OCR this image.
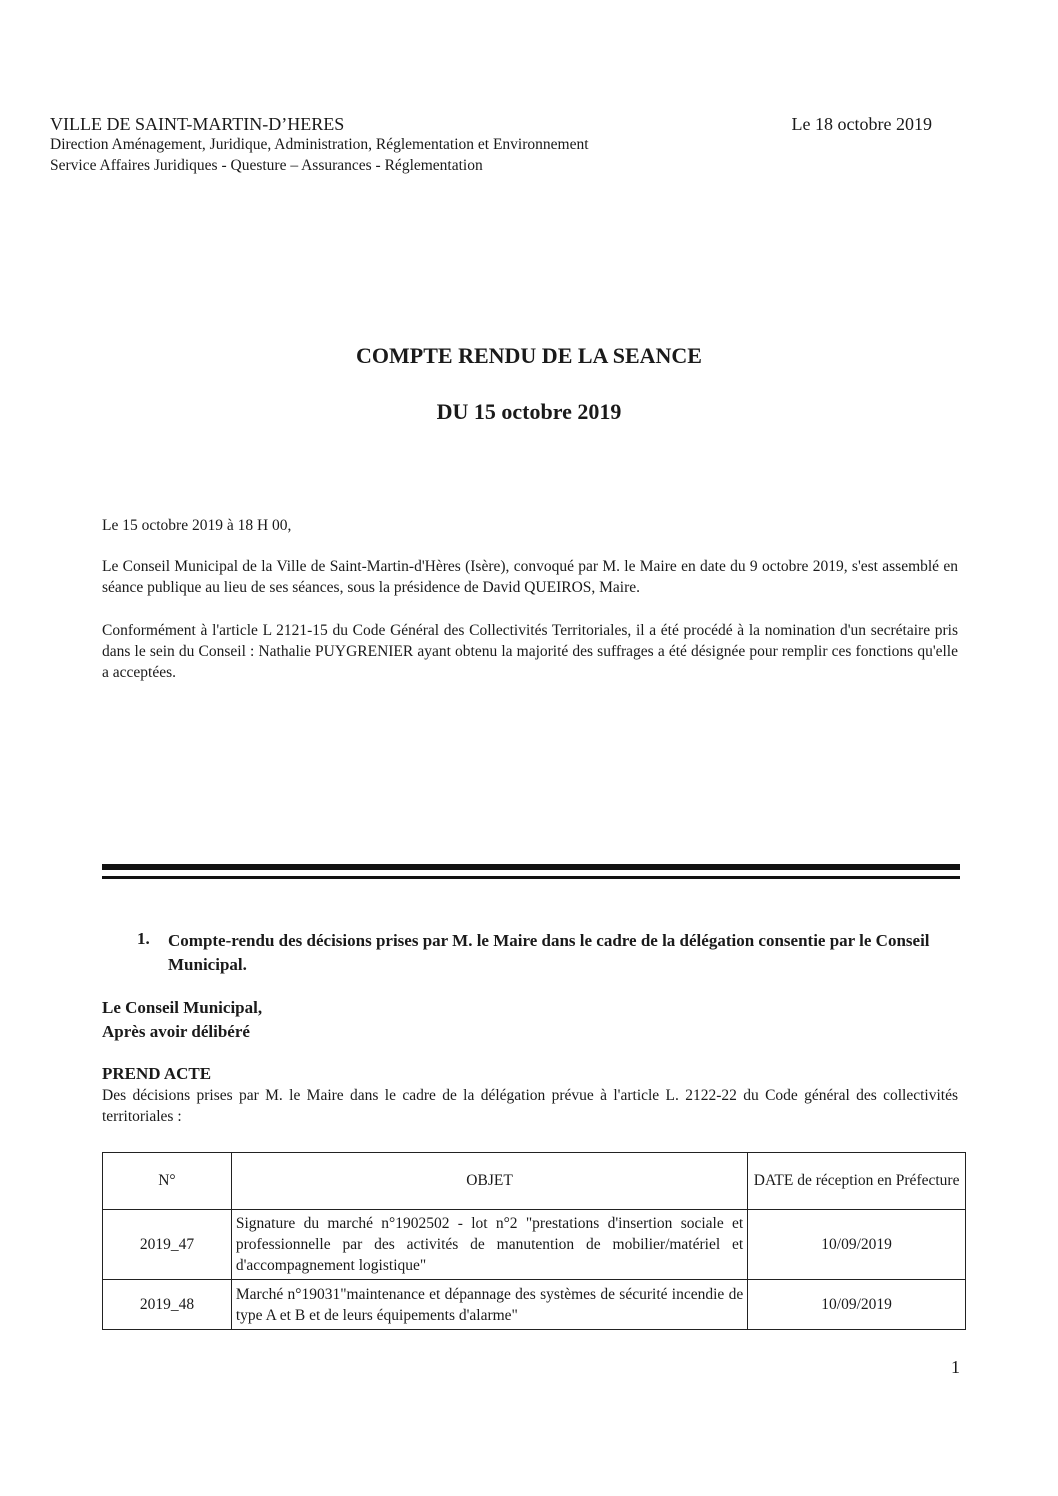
VILLE DE SAINT-MARTIN-D’HERES
Direction Aménagement, Juridique, Administration, Réglementation et Environnement
Service Affaires Juridiques - Questure – Assurances - Réglementation
Le 18 octobre 2019
COMPTE RENDU DE LA SEANCE
DU 15 octobre 2019
Le 15 octobre 2019 à 18 H 00,
Le Conseil Municipal de la Ville de Saint-Martin-d'Hères (Isère), convoqué par M. le Maire en date du 9 octobre 2019, s'est assemblé en séance publique au lieu de ses séances, sous la présidence de David QUEIROS, Maire.
Conformément à l'article L 2121-15 du Code Général des Collectivités Territoriales, il a été procédé à la nomination d'un secrétaire pris dans le sein du Conseil : Nathalie PUYGRENIER ayant obtenu la majorité des suffrages a été désignée pour remplir ces fonctions qu'elle a acceptées.
1. Compte-rendu des décisions prises par M. le Maire dans le cadre de la délégation consentie par le Conseil Municipal.
Le Conseil Municipal,
Après avoir délibéré
PREND ACTE
Des décisions prises par M. le Maire dans le cadre de la délégation prévue à l'article L. 2122-22 du Code général des collectivités territoriales :
N°	OBJET	DATE de réception en Préfecture
2019_47	Signature du marché n°1902502 - lot n°2 "prestations d'insertion sociale et professionnelle par des activités de manutention de mobilier/matériel et d'accompagnement logistique"	10/09/2019
2019_48	Marché n°19031"maintenance et dépannage des systèmes de sécurité incendie de type A et B et de leurs équipements d'alarme"	10/09/2019
1
